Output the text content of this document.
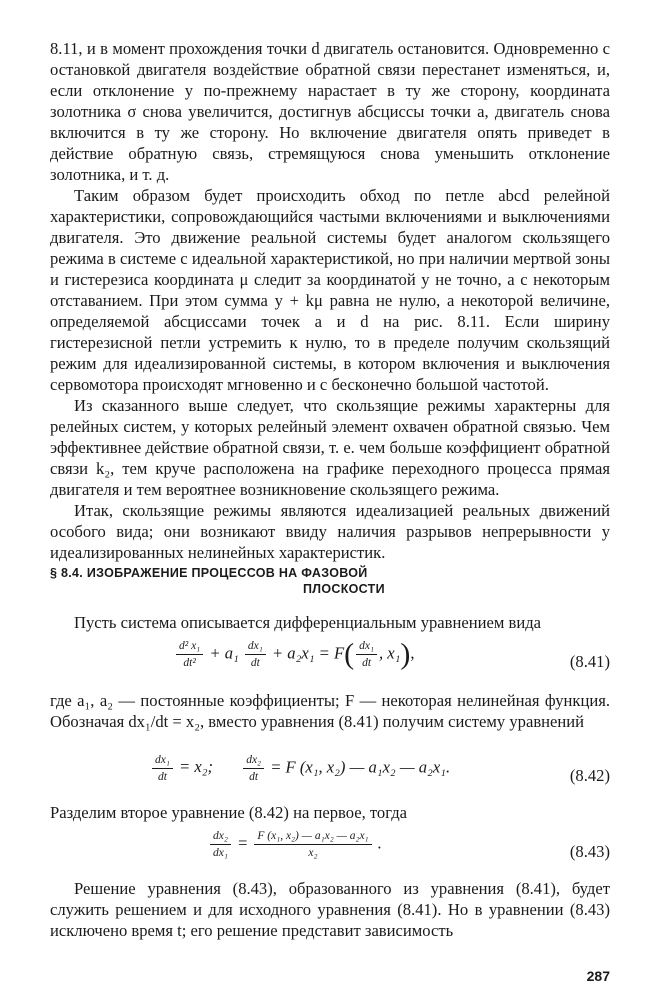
8.11, и в момент прохождения точки d двигатель остановится. Одновременно с остановкой двигателя воздействие обратной связи перестанет изменяться, и, если отклонение y по-прежнему нарастает в ту же сторону, координата золотника σ снова увеличится, достигнув абсциссы точки a, двигатель снова включится в ту же сторону. Но включение двигателя опять приведет в действие обратную связь, стремящуюся снова уменьшить отклонение золотника, и т. д.

Таким образом будет происходить обход по петле abcd релейной характеристики, сопровождающийся частыми включениями и выключениями двигателя. Это движение реальной системы будет аналогом скользящего режима в системе с идеальной характеристикой, но при наличии мертвой зоны и гистерезиса координата μ следит за координатой y не точно, а с некоторым отставанием. При этом сумма y + kμ равна не нулю, а некоторой величине, определяемой абсциссами точек a и d на рис. 8.11. Если ширину гистерезисной петли устремить к нулю, то в пределе получим скользящий режим для идеализированной системы, в котором включения и выключения сервомотора происходят мгновенно и с бесконечно большой частотой.

Из сказанного выше следует, что скользящие режимы характерны для релейных систем, у которых релейный элемент охвачен обратной связью. Чем эффективнее действие обратной связи, т. е. чем больше коэффициент обратной связи k₂, тем круче расположена на графике переходного процесса прямая двигателя и тем вероятнее возникновение скользящего режима.

Итак, скользящие режимы являются идеализацией реальных движений особого вида; они возникают ввиду наличия разрывов непрерывности у идеализированных нелинейных характеристик.

§ 8.4. ИЗОБРАЖЕНИЕ ПРОЦЕССОВ НА ФАЗОВОЙ
ПЛОСКОСТИ

Пусть система описывается дифференциальным уравнением вида

$\frac{\text{d² x₁}}{\text{dt²}} + a_1 \frac{\text{dx₁}}{dt} + a_2x_1 = F( \frac{\text{dx₁}}{dt}$ , x₁),	(8.41)

где a₁, a₂ — постоянные коэффициенты; F — некоторая нелинейная функция. Обозначая dx₁/dt = x₂, вместо уравнения (8.41) получим систему уравнений

$\frac{\text{dx₁}}{dt} = x_2$;	$\frac{\text{dx₂}}{dt} = F$ (x₁, x₂) — a₁x₂ — a₂x₁.	(8.42)

Разделим второе уравнение (8.42) на первое, тогда

$\frac{\text{dx₂}}{\text{dx₁}} = \frac{\text{F (x₁, x₂) — a₁x₂ — a₂x₁}}{\text{x₂}}$ .	(8.43)

Решение уравнения (8.43), образованного из уравнения (8.41), будет служить решением и для исходного уравнения (8.41). Но в уравнении (8.43) исключено время t; его решение представит зависимость

287
